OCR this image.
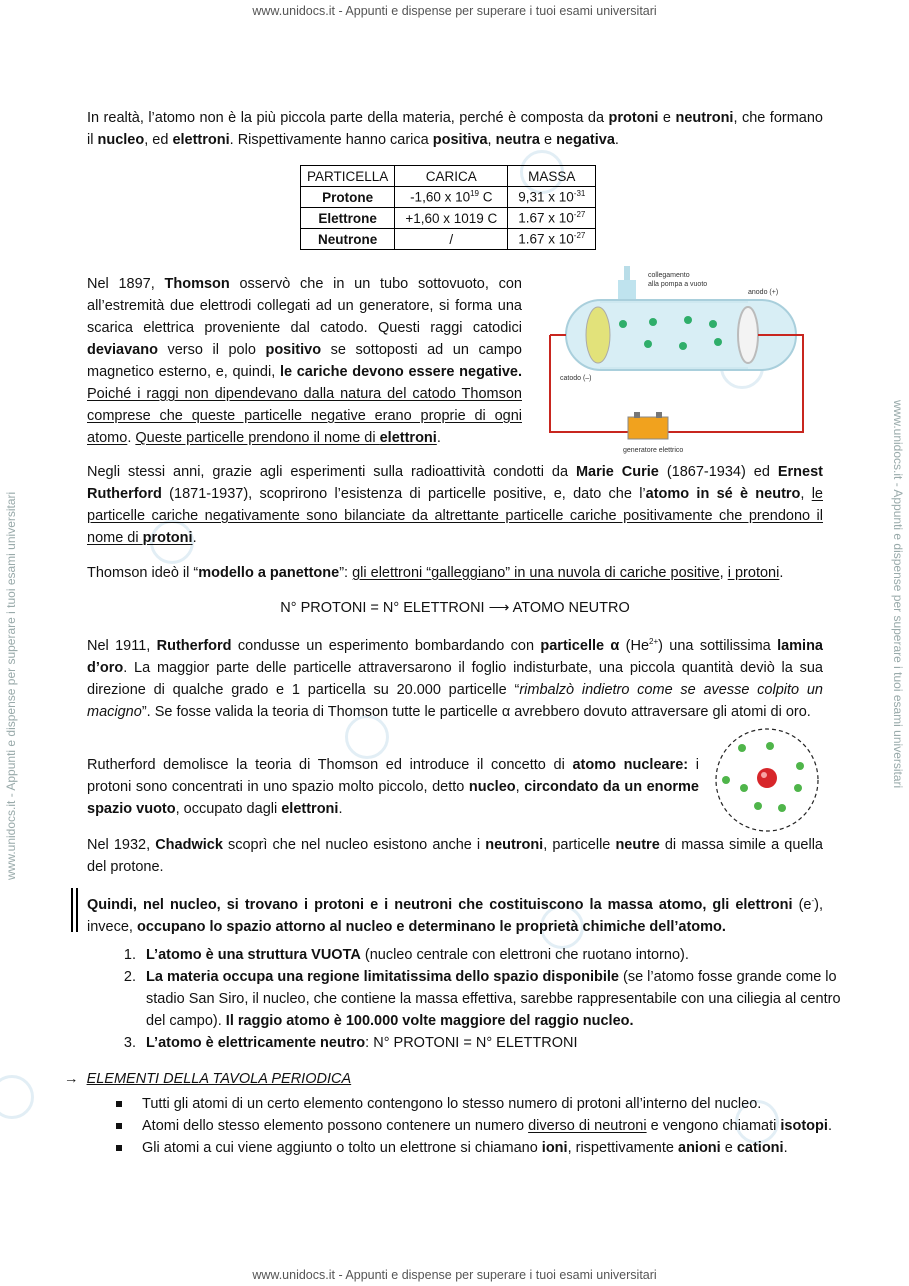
www.unidocs.it - Appunti e dispense per superare i tuoi esami universitari
www.unidocs.it - Appunti e dispense per superare i tuoi esami universitari
www.unidocs.it - Appunti e dispense per superare i tuoi esami universitari	www.unidocs.it - Appunti e dispense per superare i tuoi esami universitari

In realtà, l’atomo non è la più piccola parte della materia, perché è composta da protoni e neutroni, che formano il nucleo, ed elettroni. Rispettivamente hanno carica positiva, neutra e negativa.

PARTICELLA	CARICA	MASSA
Protone	-1,60 x $10^{19}$ C	9,31 x $10^{-31}$
Elettrone	+1,60 x 1019 C	1.67 x $10^{-27}$
Neutrone	/	1.67 x $10^{-27}$

Nel 1897, Thomson osservò che in un tubo sottovuoto, con all’estremità due elettrodi collegati ad un generatore, si forma una scarica elettrica proveniente dal catodo. Questi raggi catodici deviavano verso il polo positivo se sottoposti ad un campo magnetico esterno, e, quindi, le cariche devono essere negative. Poiché i raggi non dipendevano dalla natura del catodo Thomson comprese che queste particelle negative erano proprie di ogni atomo. Queste particelle prendono il nome di elettroni.

collegamento
alla pompa a vuoto
anodo (+)
catodo (–)
generatore elettrico

Negli stessi anni, grazie agli esperimenti sulla radioattività condotti da Marie Curie (1867-1934) ed Ernest Rutherford (1871-1937), scoprirono l’esistenza di particelle positive, e, dato che l’atomo in sé è neutro, le particelle cariche negativamente sono bilanciate da altrettante particelle cariche positivamente che prendono il nome di protoni.

Thomson ideò il “modello a panettone”: gli elettroni “galleggiano” in una nuvola di cariche positive, i protoni.

N° PROTONI = N° ELETTRONI ⟶ ATOMO NEUTRO

Nel 1911, Rutherford condusse un esperimento bombardando con particelle α $(He^{2+})$ una sottilissima lamina d’oro. La maggior parte delle particelle attraversarono il foglio indisturbate, una piccola quantità deviò la sua direzione di qualche grado e 1 particella su 20.000 particelle “rimbalzò indietro come se avesse colpito un macigno”. Se fosse valida la teoria di Thomson tutte le particelle α avrebbero dovuto attraversare gli atomi di oro.

Rutherford demolisce la teoria di Thomson ed introduce il concetto di atomo nucleare: i protoni sono concentrati in uno spazio molto piccolo, detto nucleo, circondato da un enorme spazio vuoto, occupato dagli elettroni.

Nel 1932, Chadwick scoprì che nel nucleo esistono anche i neutroni, particelle neutre di massa simile a quella del protone.

Quindi, nel nucleo, si trovano i protoni e i neutroni che costituiscono la massa atomo, gli elettroni (e-), invece, occupano lo spazio attorno al nucleo e determinano le proprietà chimiche dell’atomo.

1. L’atomo è una struttura VUOTA (nucleo centrale con elettroni che ruotano intorno).
2. La materia occupa una regione limitatissima dello spazio disponibile (se l’atomo fosse grande come lo stadio San Siro, il nucleo, che contiene la massa effettiva, sarebbe rappresentabile con una ciliegia al centro del campo). Il raggio atomo è 100.000 volte maggiore del raggio nucleo.
3. L’atomo è elettricamente neutro: N° PROTONI = N° ELETTRONI
→ ELEMENTI DELLA TAVOLA PERIODICA
Tutti gli atomi di un certo elemento contengono lo stesso numero di protoni all’interno del nucleo.
Atomi dello stesso elemento possono contenere un numero diverso di neutroni e vengono chiamati isotopi.
Gli atomi a cui viene aggiunto o tolto un elettrone si chiamano ioni, rispettivamente anioni e cationi.
